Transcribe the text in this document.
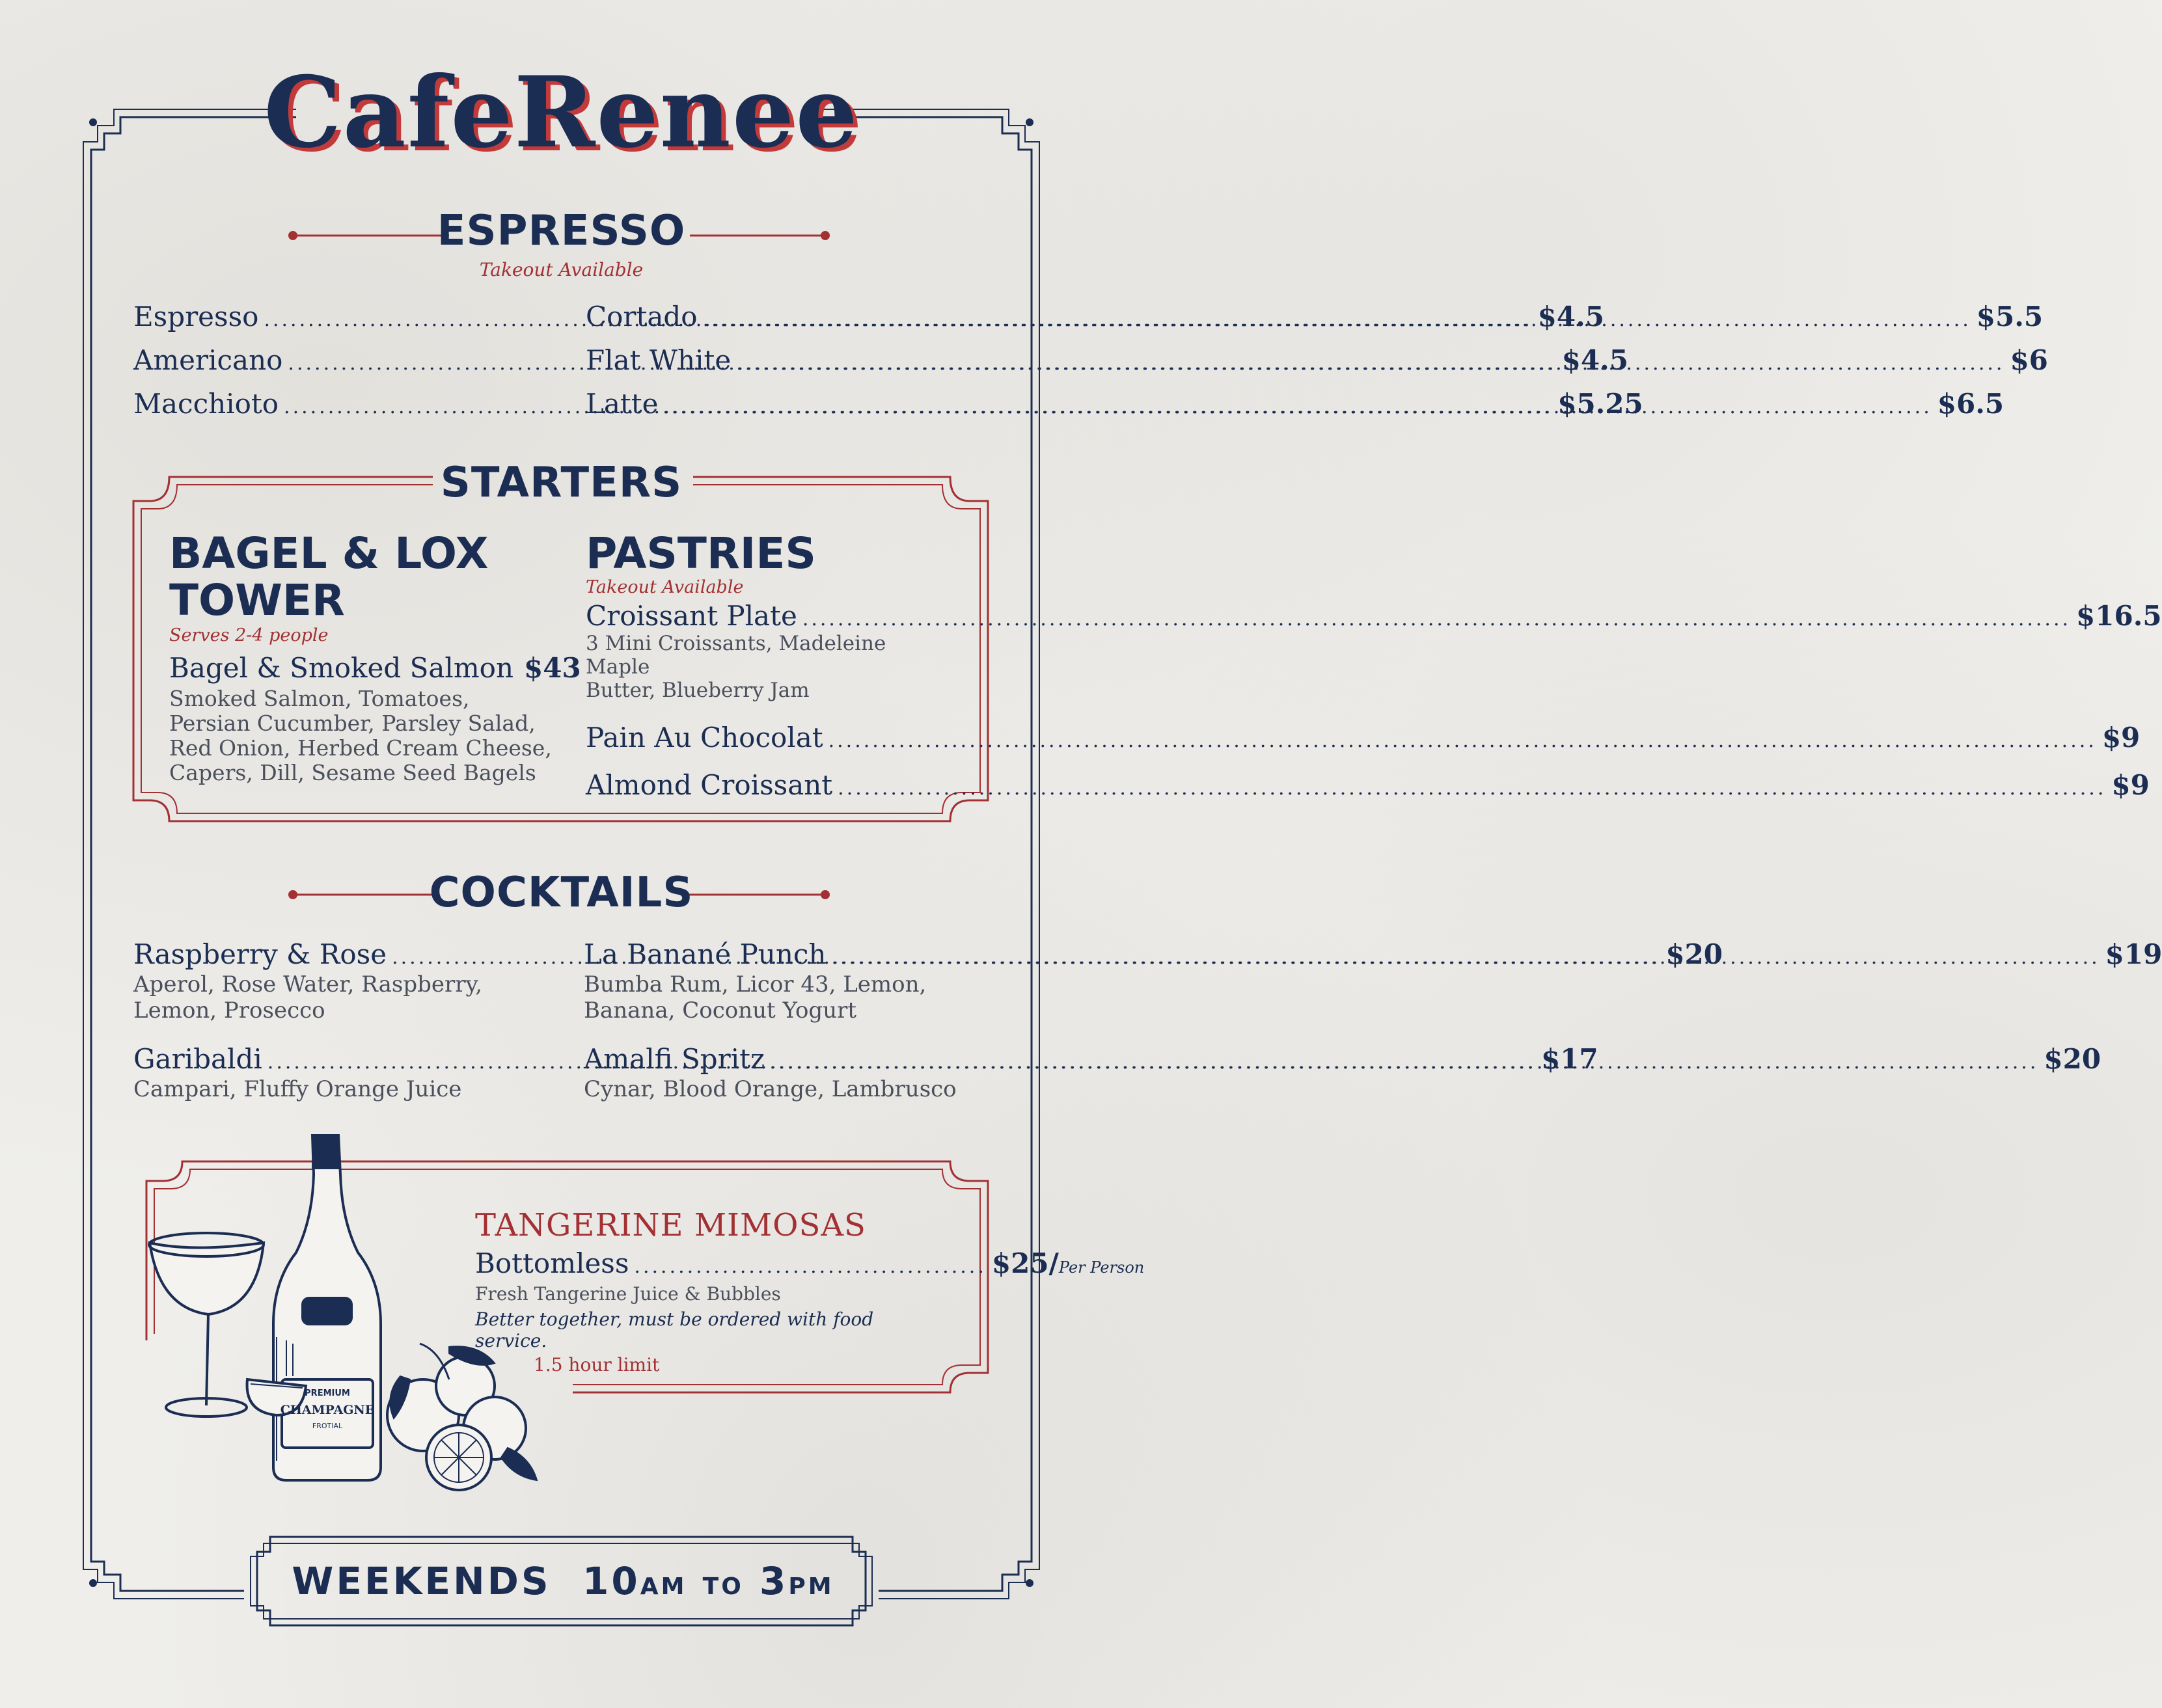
CafeRenee
ESPRESSO
Takeout Available
Espresso .....	$4.5
Americano .....	$4.5
Macchioto .....	$5.25
Cortado .....	$5.5
Flat White .....	$6
Latte .....	$6.5
STARTERS
BAGEL & LOX
TOWER
Serves 2-4 people
Bagel & Smoked Salmon $43
Smoked Salmon, Tomatoes,
Persian Cucumber, Parsley Salad,
Red Onion, Herbed Cream Cheese,
Capers, Dill, Sesame Seed Bagels
PASTRIES
Takeout Available
Croissant Plate .....	$16.5
3 Mini Croissants, Madeleine Maple
Butter, Blueberry Jam
Pain Au Chocolat .....	$9
Almond Croissant .....	$9
COCKTAILS
Raspberry & Rose .....	$20
Aperol, Rose Water, Raspberry,
Lemon, Prosecco
La Banané Punch .....	$19
Bumba Rum, Licor 43, Lemon,
Banana, Coconut Yogurt
Garibaldi .....	$17
Campari, Fluffy Orange Juice
Amalfi Spritz .....	$20
Cynar, Blood Orange, Lambrusco
CHAMPAGNE
PREMIUM
CHAMPAGNE
FROTIAL
TANGERINE MIMOSAS
Bottomless ........................................ $25/ Per Person
Fresh Tangerine Juice & Bubbles
Better together, must be ordered with food service.
1.5 hour limit
WEEKENDS 10AM TO 3PM
